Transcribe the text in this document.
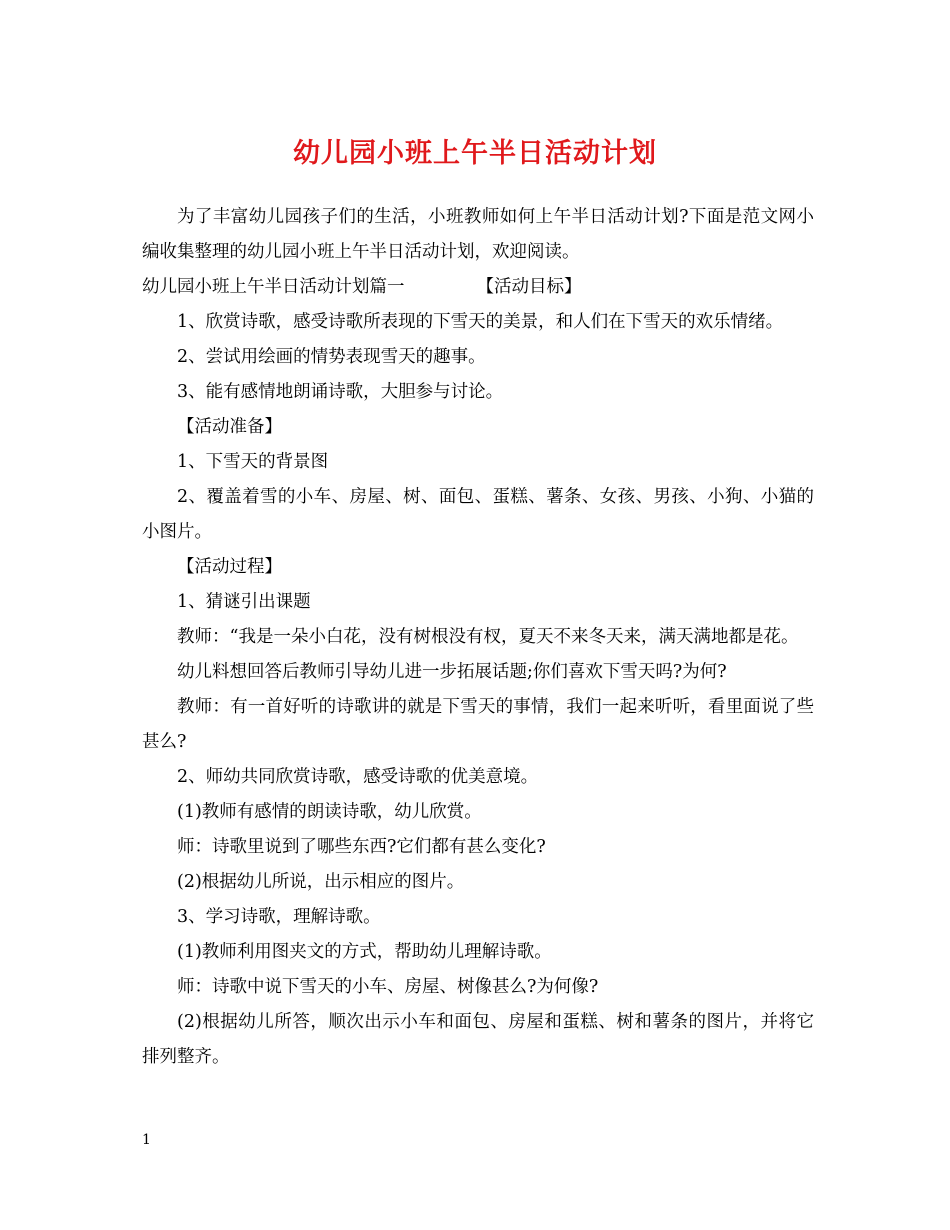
幼儿园小班上午半日活动计划

为了丰富幼儿园孩子们的生活，小班教师如何上午半日活动计划?下面是范文网小编收集整理的幼儿园小班上午半日活动计划，欢迎阅读。

幼儿园小班上午半日活动计划篇一	【活动目标】

1、欣赏诗歌，感受诗歌所表现的下雪天的美景，和人们在下雪天的欢乐情绪。

2、尝试用绘画的情势表现雪天的趣事。

3、能有感情地朗诵诗歌，大胆参与讨论。

【活动准备】

1、下雪天的背景图

2、覆盖着雪的小车、房屋、树、面包、蛋糕、薯条、女孩、男孩、小狗、小猫的小图片。

【活动过程】

1、猜谜引出课题

教师：“我是一朵小白花，没有树根没有杈，夏天不来冬天来，满天满地都是花。

幼儿料想回答后教师引导幼儿进一步拓展话题;你们喜欢下雪天吗?为何?

教师：有一首好听的诗歌讲的就是下雪天的事情，我们一起来听听，看里面说了些甚么?

2、师幼共同欣赏诗歌，感受诗歌的优美意境。

(1)教师有感情的朗读诗歌，幼儿欣赏。

师：诗歌里说到了哪些东西?它们都有甚么变化?

(2)根据幼儿所说，出示相应的图片。

3、学习诗歌，理解诗歌。

(1)教师利用图夹文的方式，帮助幼儿理解诗歌。

师：诗歌中说下雪天的小车、房屋、树像甚么?为何像?

(2)根据幼儿所答，顺次出示小车和面包、房屋和蛋糕、树和薯条的图片，并将它排列整齐。

1
